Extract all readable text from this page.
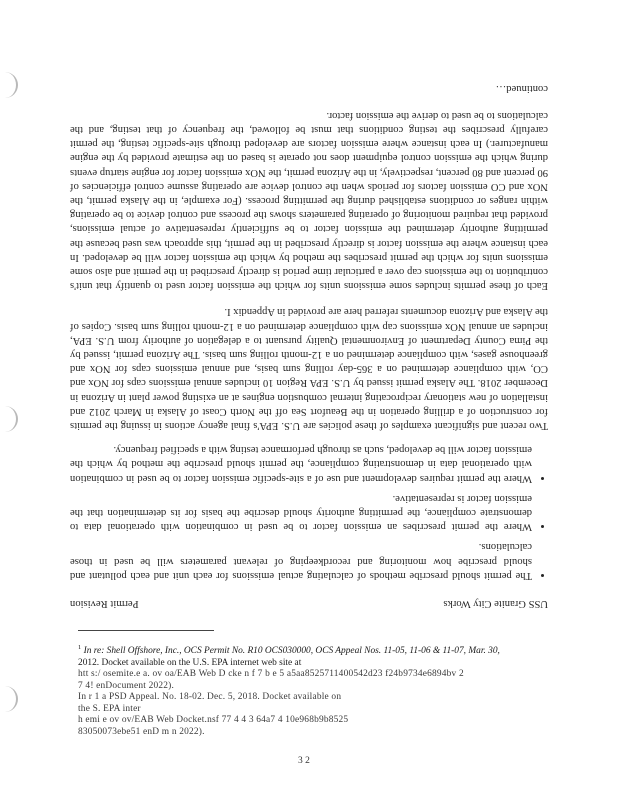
USS Granite City Works
Permit Revision
• The permit should prescribe methods of calculating actual emissions for each unit and each pollutant and should prescribe how monitoring and recordkeeping of relevant parameters will be used in those calculations.
• Where the permit prescribes an emission factor to be used in combination with operational data to demonstrate compliance, the permitting authority should describe the basis for its determination that the emission factor is representative.
• Where the permit requires development and use of a site-specific emission factor to be used in combination with operational data in demonstrating compliance, the permit should prescribe the method by which the emission factor will be developed, such as through performance testing with a specified frequency.

Two recent and significant examples of these policies are U.S. EPA's final agency actions in issuing the permits for construction of a drilling operation in the Beaufort Sea off the North Coast of Alaska in March 2012 and installation of new stationary reciprocating internal combustion engines at an existing power plant in Arizona in December 2018. The Alaska permit issued by U.S. EPA Region 10 includes annual emissions caps for NOx and CO, with compliance determined on a 365-day rolling sum basis, and annual emissions caps for NOx and greenhouse gases, with compliance determined on a 12-month rolling sum basis. The Arizona permit, issued by the Pima County Department of Environmental Quality pursuant to a delegation of authority from U.S. EPA, includes an annual NOx emissions cap with compliance determined on a 12-month rolling sum basis. Copies of the Alaska and Arizona documents referred here are provided in Appendix I.

Each of these permits includes some emissions units for which the emission factor used to quantify that unit's contribution to the emissions cap over a particular time period is directly prescribed in the permit and also some emissions units for which the permit prescribes the method by which the emission factor will be developed. In each instance where the emission factor is directly prescribed in the permit, this approach was used because the permitting authority determined the emission factor to be sufficiently representative of actual emissions, provided that required monitoring of operating parameters shows the process and control device to be operating within ranges or conditions established during the permitting process. (For example, in the Alaska permit, the NOx and CO emission factors for periods when the control device are operating assume control efficiencies of 90 percent and 80 percent, respectively, in the Arizona permit, the NOx emission factor for engine startup events during which the emission control equipment does not operate is based on the estimate provided by the engine manufacturer.) In each instance where emission factors are developed through site-specific testing, the permit carefully prescribes the testing conditions that must be followed, the frequency of that testing, and the calculations to be used to derive the emission factor.

continued…
$^1$ In re: Shell Offshore, Inc., OCS Permit No. R10 OCS030000, OCS Appeal Nos. 11-05, 11-06 & 11-07, Mar. 30,
2012. Docket available on the U.S. EPA internet web site at
htt s:/ osemite.e a. ov oa/EAB Web D cke n f 7 b e 5 a5aa8525711400542d23 f24b9734e6894bv 2
7 4! enDocument 2022).
In r 1 a PSD Appeal. No. 18-02. Dec. 5, 2018. Docket available on
the S. EPA inter
h emi e ov ov/EAB Web Docket.nsf 77 4 4 3 64a7 4 10e968b9b8525
83050073ebe51 enD m n 2022).
3 2
